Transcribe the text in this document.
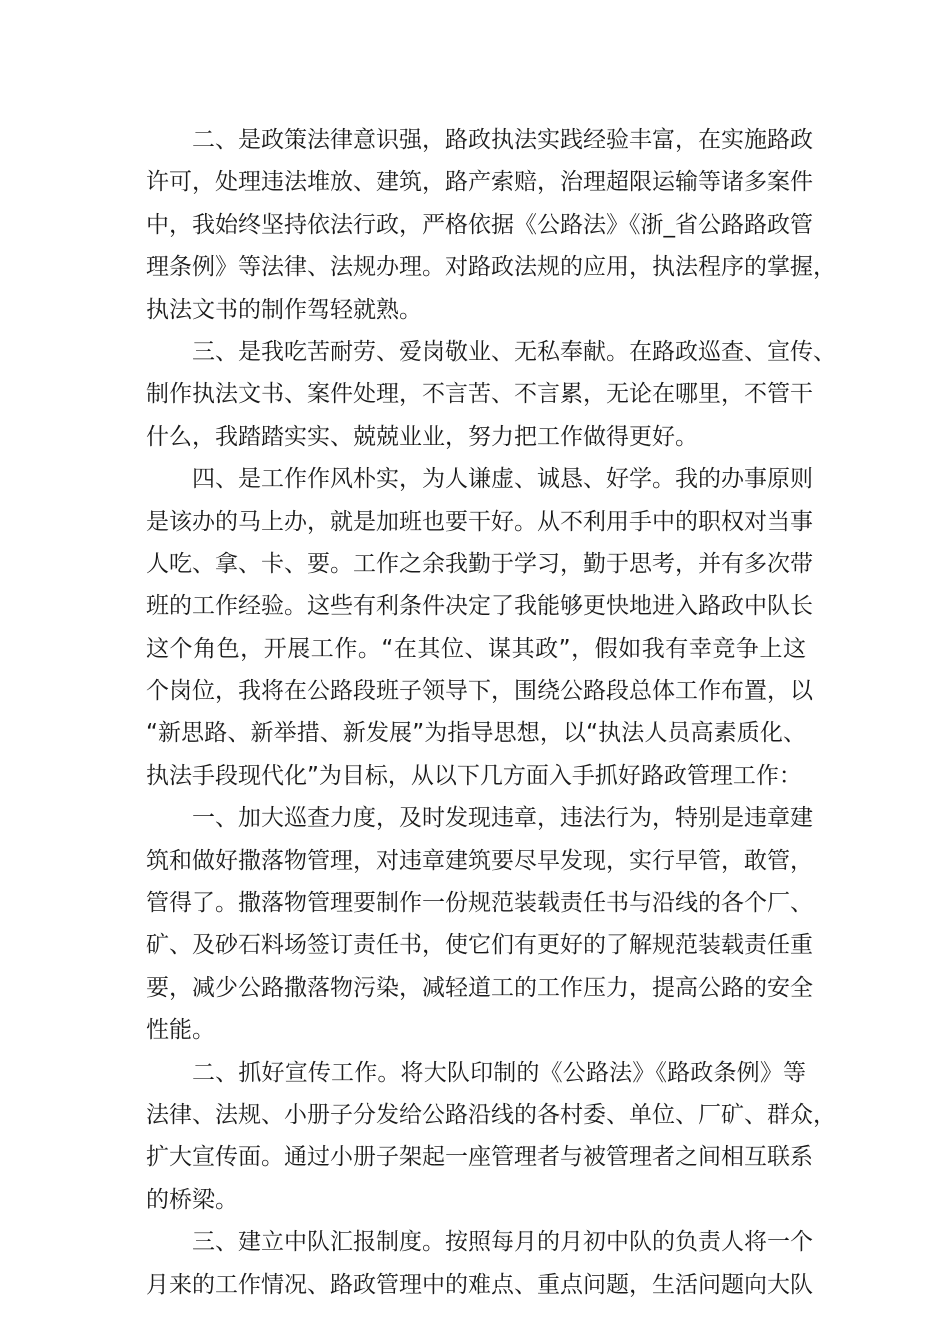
二、是政策法律意识强，路政执法实践经验丰富，在实施路政
许可，处理违法堆放、建筑，路产索赔，治理超限运输等诸多案件
中，我始终坚持依法行政，严格依据《公路法》《浙_省公路路政管
理条例》等法律、法规办理。对路政法规的应用，执法程序的掌握，
执法文书的制作驾轻就熟。
三、是我吃苦耐劳、爱岗敬业、无私奉献。在路政巡查、宣传、
制作执法文书、案件处理，不言苦、不言累，无论在哪里，不管干
什么，我踏踏实实、兢兢业业，努力把工作做得更好。
四、是工作作风朴实，为人谦虚、诚恳、好学。我的办事原则
是该办的马上办，就是加班也要干好。从不利用手中的职权对当事
人吃、拿、卡、要。工作之余我勤于学习，勤于思考，并有多次带
班的工作经验。这些有利条件决定了我能够更快地进入路政中队长
这个角色，开展工作。“在其位、谋其政”，假如我有幸竞争上这
个岗位，我将在公路段班子领导下，围绕公路段总体工作布置，以
“新思路、新举措、新发展”为指导思想，以“执法人员高素质化、
执法手段现代化”为目标，从以下几方面入手抓好路政管理工作：
一、加大巡查力度，及时发现违章，违法行为，特别是违章建
筑和做好撒落物管理，对违章建筑要尽早发现，实行早管，敢管，
管得了。撒落物管理要制作一份规范装载责任书与沿线的各个厂、
矿、及砂石料场签订责任书，使它们有更好的了解规范装载责任重
要，减少公路撒落物污染，减轻道工的工作压力，提高公路的安全
性能。
二、抓好宣传工作。将大队印制的《公路法》《路政条例》等
法律、法规、小册子分发给公路沿线的各村委、单位、厂矿、群众，
扩大宣传面。通过小册子架起一座管理者与被管理者之间相互联系
的桥梁。
三、建立中队汇报制度。按照每月的月初中队的负责人将一个
月来的工作情况、路政管理中的难点、重点问题，生活问题向大队
